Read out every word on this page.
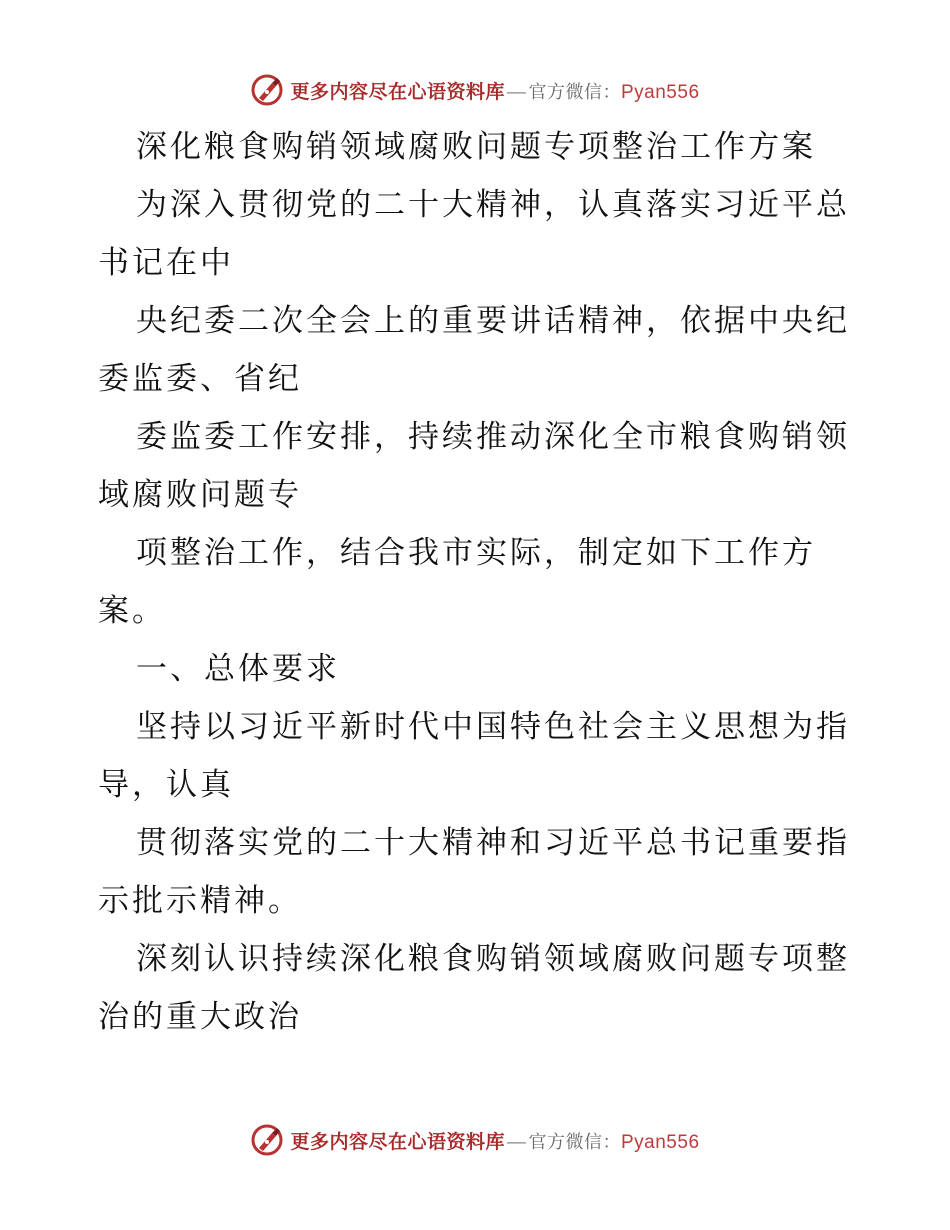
更多内容尽在心语资料库 — 官方微信： Pyan556
深化粮食购销领域腐败问题专项整治工作方案
为深入贯彻党的二十大精神，认真落实习近平总
书记在中
央纪委二次全会上的重要讲话精神，依据中央纪
委监委、省纪
委监委工作安排，持续推动深化全市粮食购销领
域腐败问题专
项整治工作，结合我市实际，制定如下工作方
案。
一、总体要求
坚持以习近平新时代中国特色社会主义思想为指
导，认真
贯彻落实党的二十大精神和习近平总书记重要指
示批示精神。
深刻认识持续深化粮食购销领域腐败问题专项整
治的重大政治
更多内容尽在心语资料库 — 官方微信： Pyan556
